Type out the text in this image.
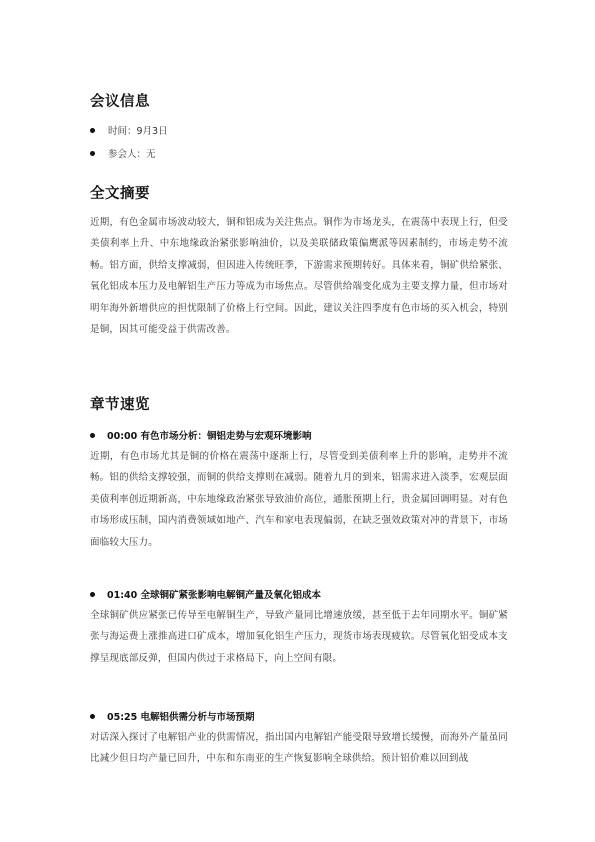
会议信息
时间：9月3日
参会人：无
全文摘要
近期，有色金属市场波动较大，铜和铝成为关注焦点。铜作为市场龙头，在震荡中表现上行，但受美债利率上升、中东地缘政治紧张影响油价，以及美联储政策偏鹰派等因素制约，市场走势不流畅。铝方面，供给支撑减弱，但因进入传统旺季，下游需求预期转好。具体来看，铜矿供给紧张、氧化铝成本压力及电解铝生产压力等成为市场焦点。尽管供给端变化成为主要支撑力量，但市场对明年海外新增供应的担忧限制了价格上行空间。因此，建议关注四季度有色市场的买入机会，特别是铜，因其可能受益于供需改善。
章节速览
00:00 有色市场分析：铜铝走势与宏观环境影响
近期，有色市场尤其是铜的价格在震荡中逐渐上行，尽管受到美债利率上升的影响，走势并不流畅。铝的供给支撑较强，而铜的供给支撑则在减弱。随着九月的到来，铝需求进入淡季，宏观层面美债利率创近期新高，中东地缘政治紧张导致油价高位，通胀预期上行，贵金属回调明显。对有色市场形成压制，国内消费领域如地产、汽车和家电表现偏弱，在缺乏强效政策对冲的背景下，市场面临较大压力。
01:40 全球铜矿紧张影响电解铜产量及氧化铝成本
全球铜矿供应紧张已传导至电解铜生产，导致产量同比增速放缓，甚至低于去年同期水平。铜矿紧张与海运费上涨推高进口矿成本，增加氧化铝生产压力，现货市场表现疲软。尽管氧化铝受成本支撑呈现底部反弹，但国内供过于求格局下，向上空间有限。
05:25 电解铝供需分析与市场预期
对话深入探讨了电解铝产业的供需情况，指出国内电解铝产能受限导致增长缓慢，而海外产量虽同比减少但日均产量已回升，中东和东南亚的生产恢复影响全球供给。预计铝价难以回到战
